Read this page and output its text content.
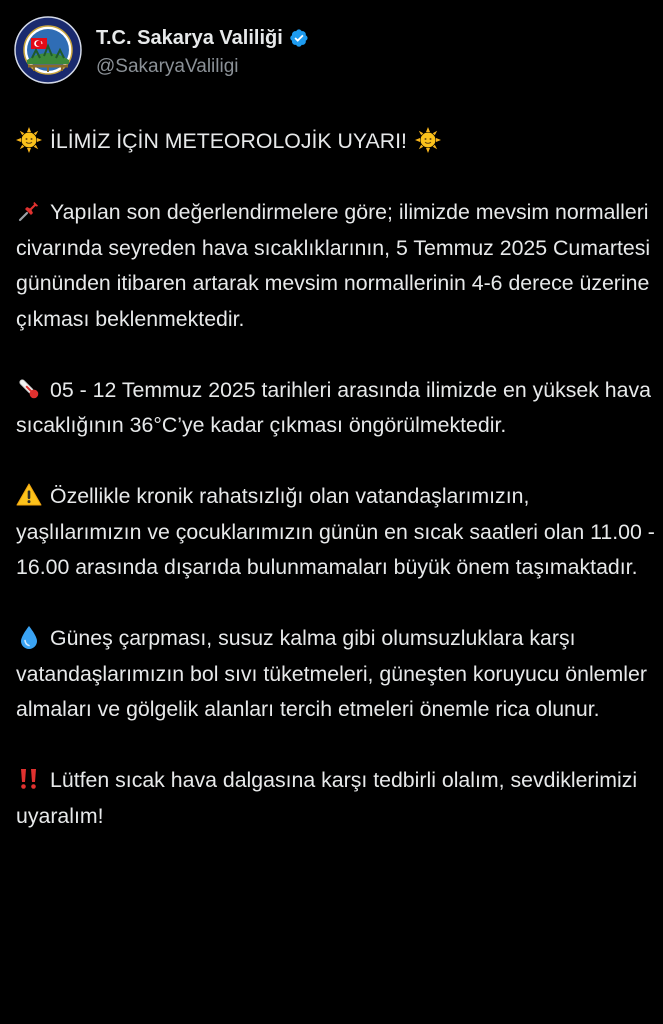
T.C. Sakarya Valiliği
@SakaryaValiligi

İLİMİZ İÇİN METEOROLOJİK UYARI!

Yapılan son değerlendirmelere göre; ilimizde mevsim normalleri civarında seyreden hava sıcaklıklarının, 5 Temmuz 2025 Cumartesi gününden itibaren artarak mevsim normallerinin 4-6 derece üzerine çıkması beklenmektedir.

05 - 12 Temmuz 2025 tarihleri arasında ilimizde en yüksek hava sıcaklığının 36°C’ye kadar çıkması öngörülmektedir.

Özellikle kronik rahatsızlığı olan vatandaşlarımızın, yaşlılarımızın ve çocuklarımızın günün en sıcak saatleri olan 11.00 - 16.00 arasında dışarıda bulunmamaları büyük önem taşımaktadır.

Güneş çarpması, susuz kalma gibi olumsuzluklara karşı vatandaşlarımızın bol sıvı tüketmeleri, güneşten koruyucu önlemler almaları ve gölgelik alanları tercih etmeleri önemle rica olunur.

Lütfen sıcak hava dalgasına karşı tedbirli olalım, sevdiklerimizi uyaralım!
